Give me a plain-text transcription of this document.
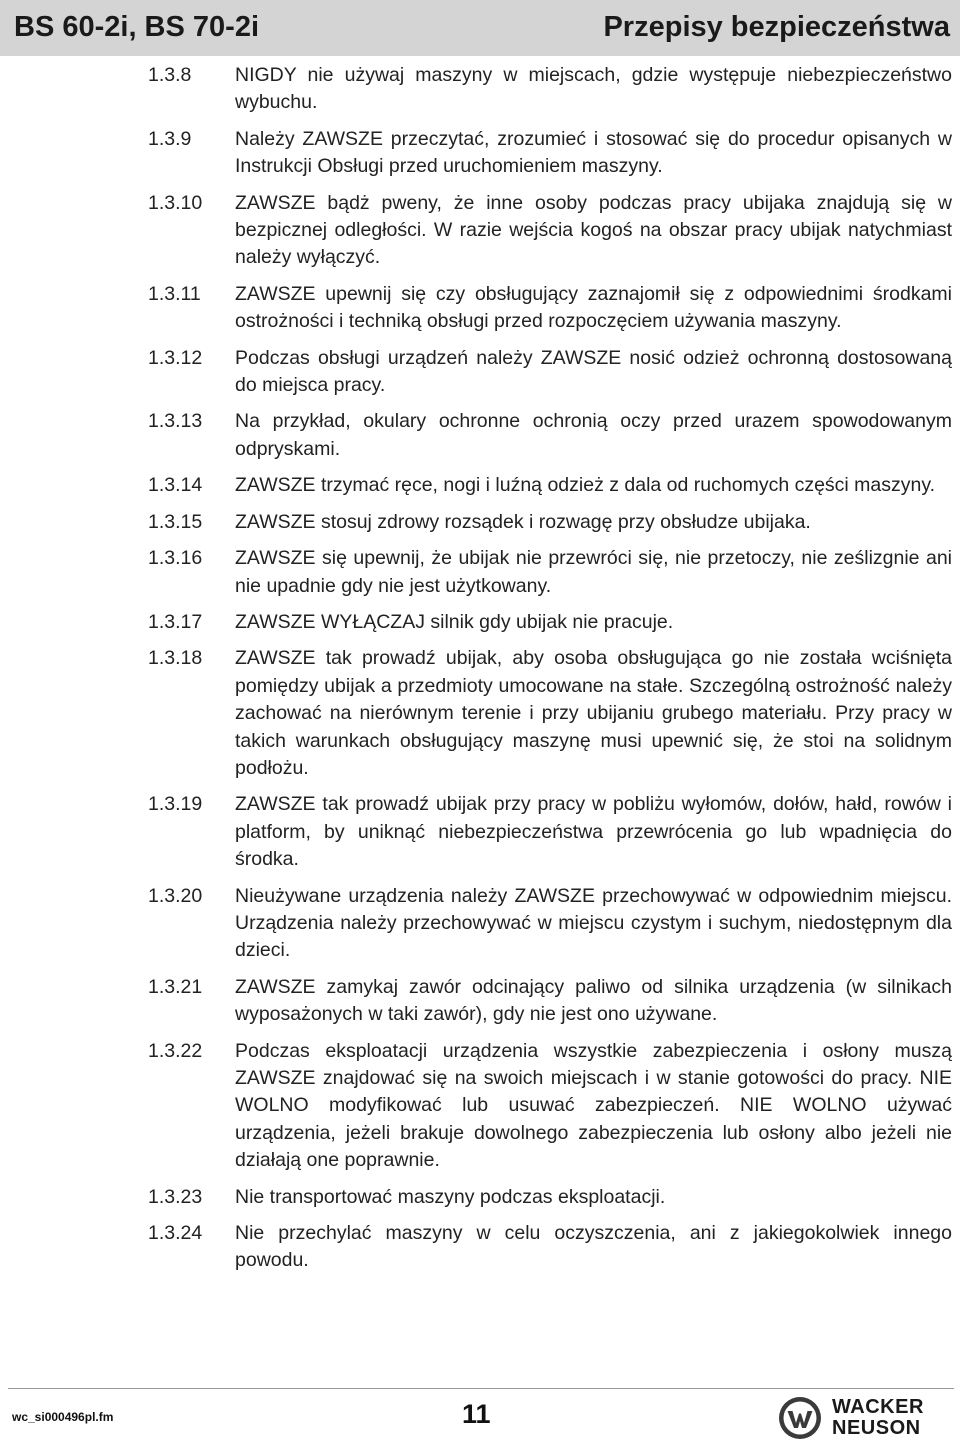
BS 60-2i, BS 70-2i	Przepisy bezpieczeństwa
1.3.8	NIGDY nie używaj maszyny w miejscach, gdzie występuje niebezpieczeństwo wybuchu.
1.3.9	Należy ZAWSZE przeczytać, zrozumieć i stosować się do procedur opisanych w Instrukcji Obsługi przed uruchomieniem maszyny.
1.3.10	ZAWSZE bądż pweny, że inne osoby podczas pracy ubijaka znajdują się w bezpicznej odległości. W razie wejścia kogoś na obszar pracy ubijak natychmiast należy wyłączyć.
1.3.11	ZAWSZE upewnij się czy obsługujący zaznajomił się z odpowiednimi środkami ostrożności i techniką obsługi przed rozpoczęciem używania maszyny.
1.3.12	Podczas obsługi urządzeń należy ZAWSZE nosić odzież ochronną dostosowaną do miejsca pracy.
1.3.13	Na przykład, okulary ochronne ochronią oczy przed urazem spowodowanym odpryskami.
1.3.14	ZAWSZE trzymać ręce, nogi i luźną odzież z dala od ruchomych części maszyny.
1.3.15	ZAWSZE stosuj zdrowy rozsądek i rozwagę przy obsłudze ubijaka.
1.3.16	ZAWSZE się upewnij, że ubijak nie przewróci się, nie przetoczy, nie ześlizgnie ani nie upadnie gdy nie jest użytkowany.
1.3.17	ZAWSZE WYŁĄCZAJ silnik gdy ubijak nie pracuje.
1.3.18	ZAWSZE tak prowadź ubijak, aby osoba obsługująca go nie została wciśnięta pomiędzy ubijak a przedmioty umocowane na stałe. Szczególną ostrożność należy zachować na nierównym terenie i przy ubijaniu grubego materiału. Przy pracy w takich warunkach obsługujący maszynę musi upewnić się, że stoi na solidnym podłożu.
1.3.19	ZAWSZE tak prowadź ubijak przy pracy w pobliżu wyłomów, dołów, hałd, rowów i platform, by uniknąć niebezpieczeństwa przewrócenia go lub wpadnięcia do środka.
1.3.20	Nieużywane urządzenia należy ZAWSZE przechowywać w odpowiednim miejscu. Urządzenia należy przechowywać w miejscu czystym i suchym, niedostępnym dla dzieci.
1.3.21	ZAWSZE zamykaj zawór odcinający paliwo od silnika urządzenia (w silnikach wyposażonych w taki zawór), gdy nie jest ono używane.
1.3.22	Podczas eksploatacji urządzenia wszystkie zabezpieczenia i osłony muszą ZAWSZE znajdować się na swoich miejscach i w stanie gotowości do pracy. NIE WOLNO modyfikować lub usuwać zabezpieczeń. NIE WOLNO używać urządzenia, jeżeli brakuje dowolnego zabezpieczenia lub osłony albo jeżeli nie działają one poprawnie.
1.3.23	Nie transportować maszyny podczas eksploatacji.
1.3.24	Nie przechylać maszyny w celu oczyszczenia, ani z jakiegokolwiek innego powodu.
wc_si000496pl.fm	11	WACKER
NEUSON
